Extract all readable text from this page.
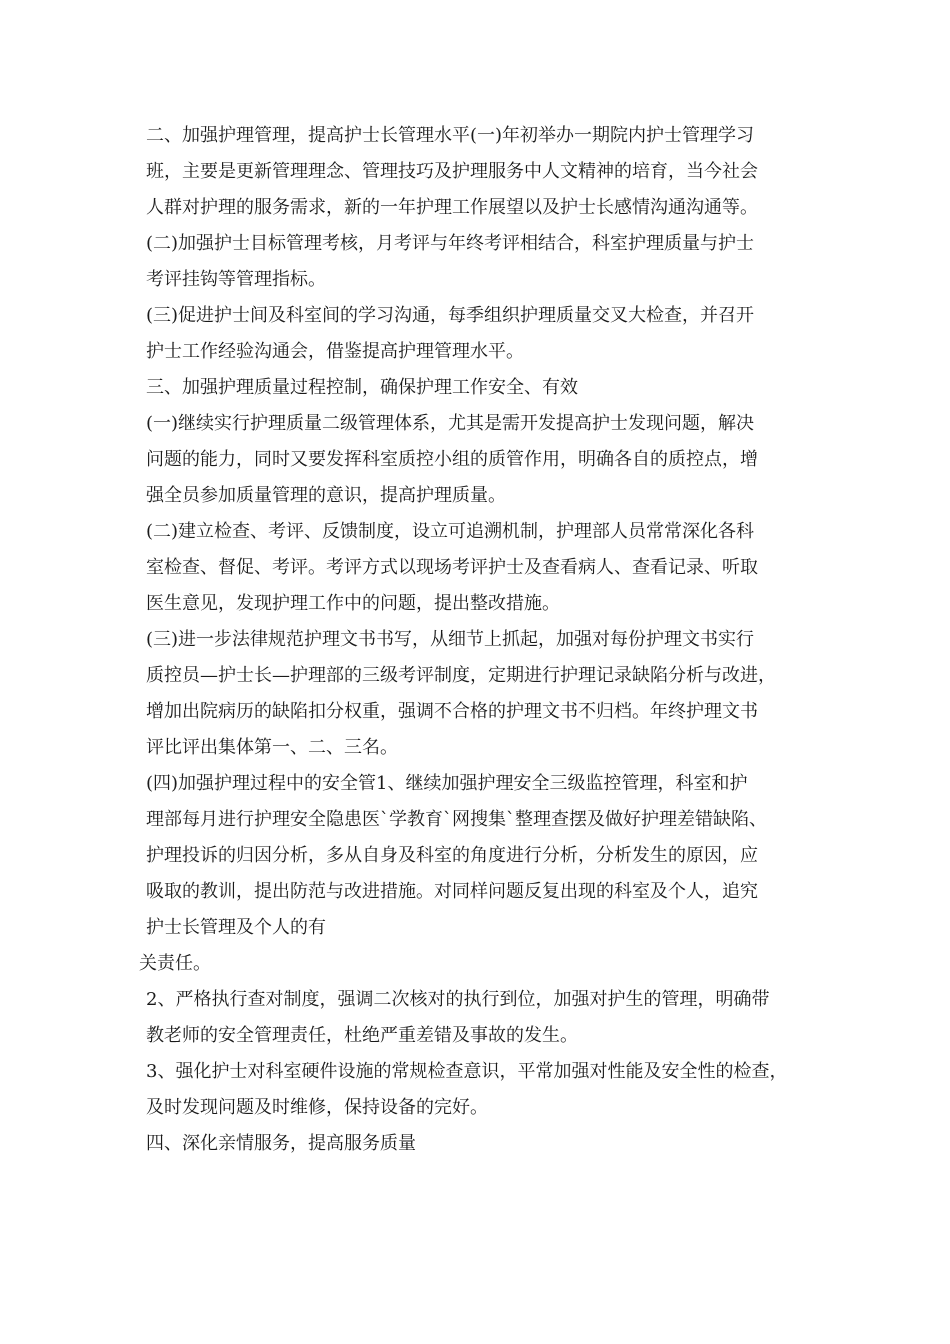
二、加强护理管理，提高护士长管理水平(一)年初举办一期院内护士管理学习
班，主要是更新管理理念、管理技巧及护理服务中人文精神的培育，当今社会
人群对护理的服务需求，新的一年护理工作展望以及护士长感情沟通沟通等。
(二)加强护士目标管理考核，月考评与年终考评相结合，科室护理质量与护士
考评挂钩等管理指标。
(三)促进护士间及科室间的学习沟通，每季组织护理质量交叉大检查，并召开
护士工作经验沟通会，借鉴提高护理管理水平。
三、加强护理质量过程控制，确保护理工作安全、有效
(一)继续实行护理质量二级管理体系，尤其是需开发提高护士发现问题，解决
问题的能力，同时又要发挥科室质控小组的质管作用，明确各自的质控点，增
强全员参加质量管理的意识，提高护理质量。
(二)建立检查、考评、反馈制度，设立可追溯机制，护理部人员常常深化各科
室检查、督促、考评。考评方式以现场考评护士及查看病人、查看记录、听取
医生意见，发现护理工作中的问题，提出整改措施。
(三)进一步法律规范护理文书书写，从细节上抓起，加强对每份护理文书实行
质控员—护士长—护理部的三级考评制度，定期进行护理记录缺陷分析与改进，
增加出院病历的缺陷扣分权重，强调不合格的护理文书不归档。年终护理文书
评比评出集体第一、二、三名。
(四)加强护理过程中的安全管1、继续加强护理安全三级监控管理，科室和护
理部每月进行护理安全隐患医`学教育`网搜集`整理查摆及做好护理差错缺陷、
护理投诉的归因分析，多从自身及科室的角度进行分析，分析发生的原因，应
吸取的教训，提出防范与改进措施。对同样问题反复出现的科室及个人，追究
护士长管理及个人的有
关责任。
2、严格执行查对制度，强调二次核对的执行到位，加强对护生的管理，明确带
教老师的安全管理责任，杜绝严重差错及事故的发生。
3、强化护士对科室硬件设施的常规检查意识，平常加强对性能及安全性的检查，
及时发现问题及时维修，保持设备的完好。
四、深化亲情服务，提高服务质量
